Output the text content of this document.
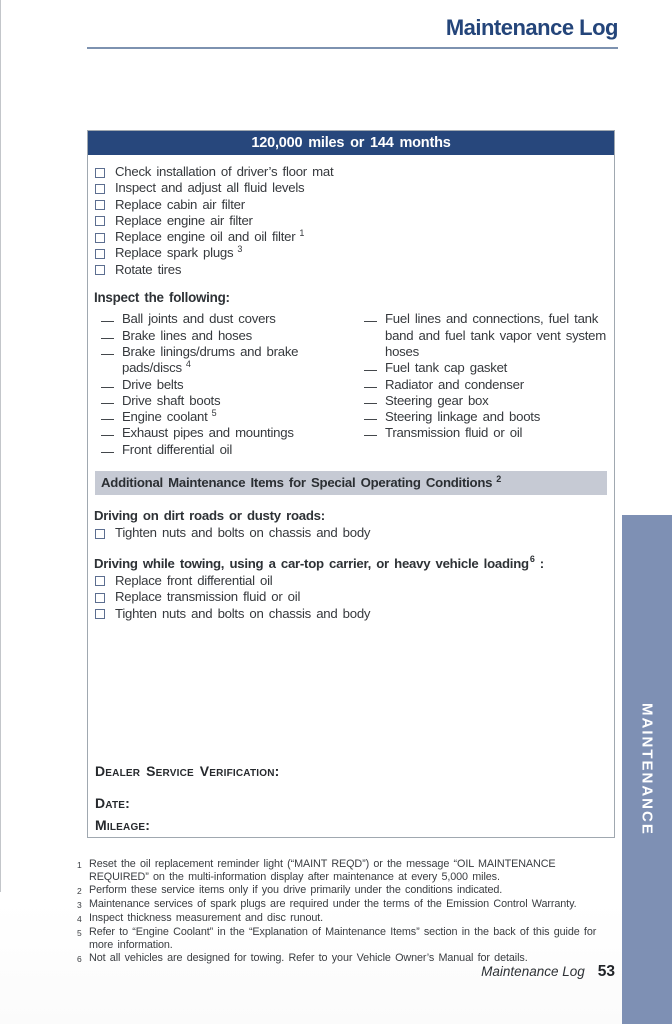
Maintenance Log
120,000 miles or 144 months
Check installation of driver’s floor mat
Inspect and adjust all fluid levels
Replace cabin air filter
Replace engine air filter
Replace engine oil and oil filter $^1$
Replace spark plugs $^3$
Rotate tires
Inspect the following:
Ball joints and dust covers
Brake lines and hoses
Brake linings/drums and brake pads/discs $^4$
Drive belts
Drive shaft boots
Engine coolant $^5$
Exhaust pipes and mountings
Front differential oil
Fuel lines and connections, fuel tank band and fuel tank vapor vent system hoses
Fuel tank cap gasket
Radiator and condenser
Steering gear box
Steering linkage and boots
Transmission fluid or oil
Additional Maintenance Items for Special Operating Conditions $^2$
Driving on dirt roads or dusty roads:
Tighten nuts and bolts on chassis and body
Driving while towing, using a car-top carrier, or heavy vehicle loading$^6$ :
Replace front differential oil
Replace transmission fluid or oil
Tighten nuts and bolts on chassis and body
Dealer Service Verification:
Date:
Mileage:
1 Reset the oil replacement reminder light (“MAINT REQD”) or the message “OIL MAINTENANCE REQUIRED” on the multi-information display after maintenance at every 5,000 miles.
2 Perform these service items only if you drive primarily under the conditions indicated.
3 Maintenance services of spark plugs are required under the terms of the Emission Control Warranty.
4 Inspect thickness measurement and disc runout.
5 Refer to “Engine Coolant” in the “Explanation of Maintenance Items” section in the back of this guide for more information.
6 Not all vehicles are designed for towing. Refer to your Vehicle Owner’s Manual for details.
Maintenance Log 53
MAINTENANCE
